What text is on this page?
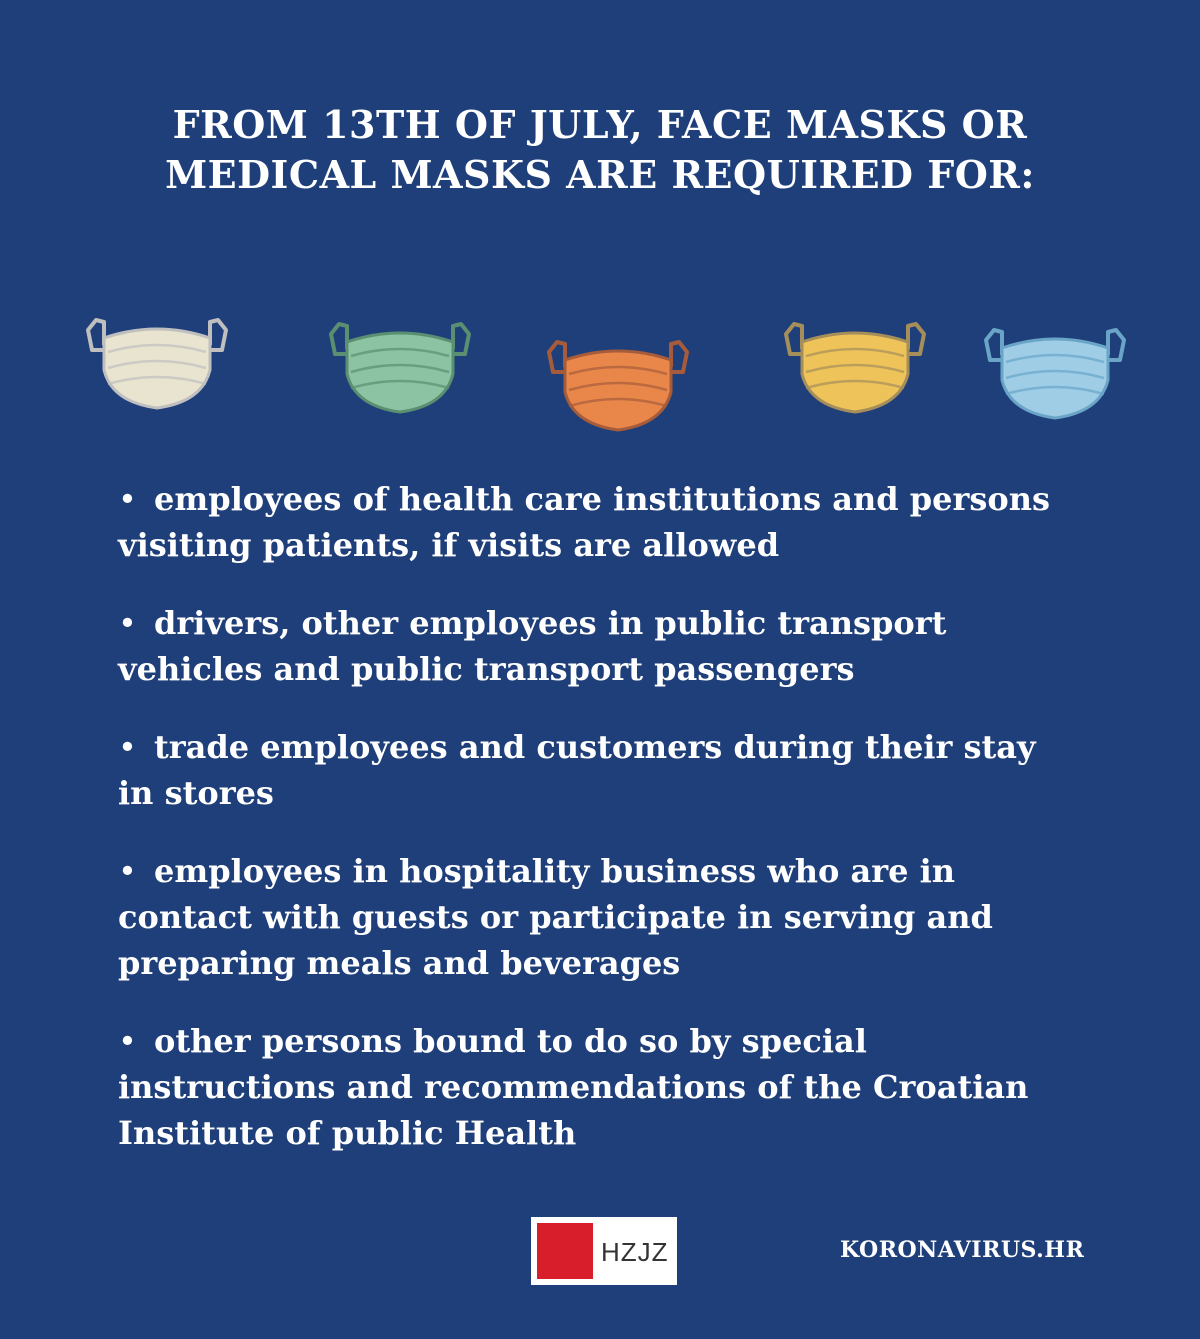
FROM 13TH OF JULY, FACE MASKS OR
MEDICAL MASKS ARE REQUIRED FOR:
• employees of health care institutions and persons visiting patients, if visits are allowed
• drivers, other employees in public transport vehicles and public transport passengers
• trade employees and customers during their stay in stores
• employees in hospitality business who are in contact with guests or participate in serving and preparing meals and beverages
• other persons bound to do so by special instructions and recommendations of the Croatian Institute of public Health
HZJZ	KORONAVIRUS.HR
